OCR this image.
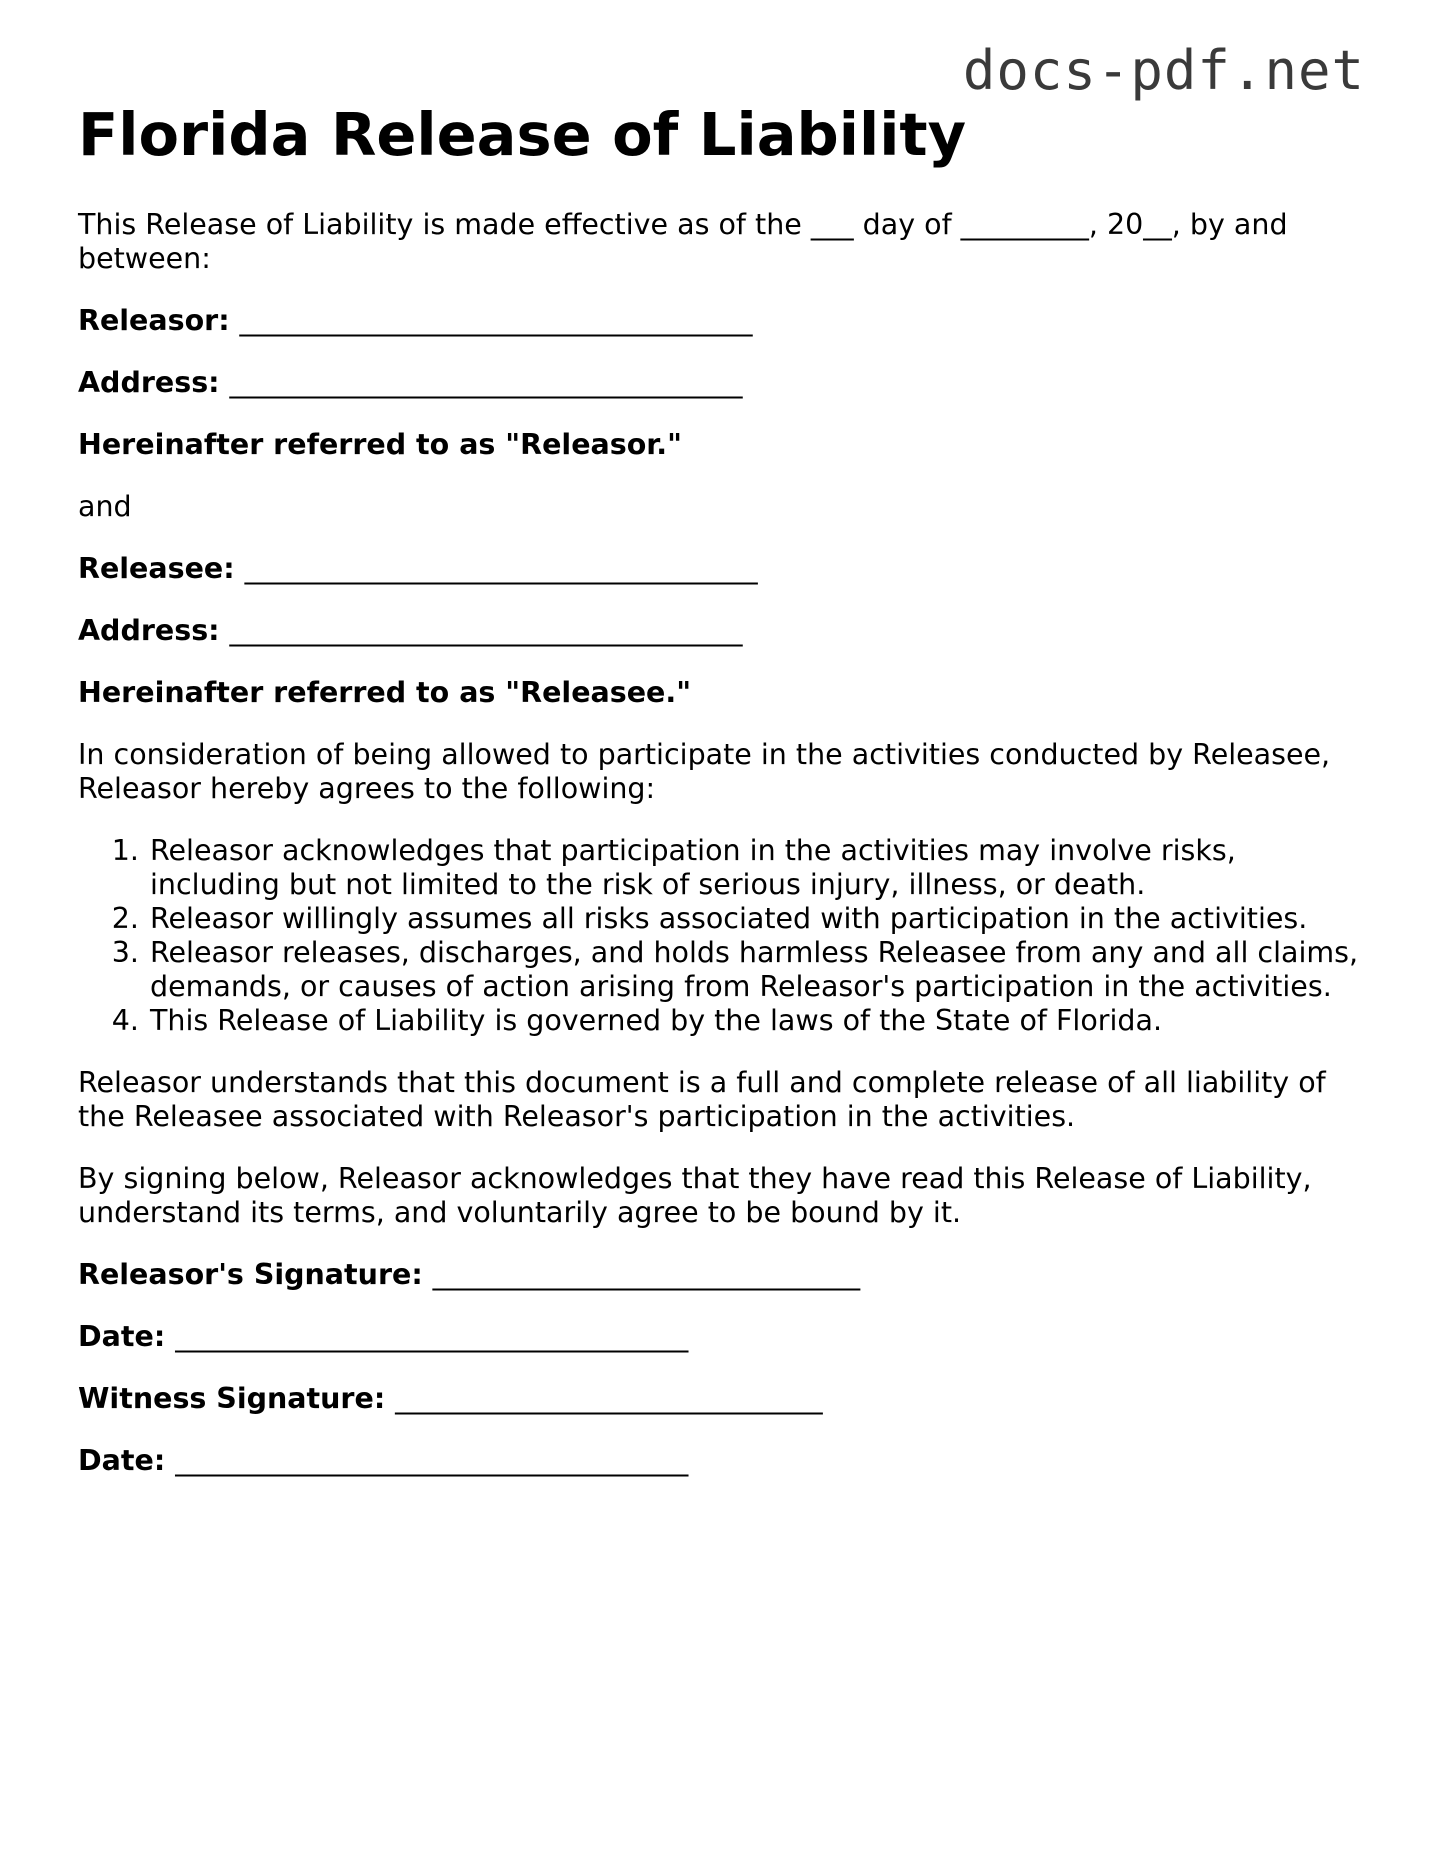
docs-pdf.net
Florida Release of Liability

This Release of Liability is made effective as of the ___ day of _________, 20__, by and between:

Releasor: ____________________________________

Address: ____________________________________

Hereinafter referred to as "Releasor."

and

Releasee: ____________________________________

Address: ____________________________________

Hereinafter referred to as "Releasee."

In consideration of being allowed to participate in the activities conducted by Releasee, Releasor hereby agrees to the following:

1. Releasor acknowledges that participation in the activities may involve risks, including but not limited to the risk of serious injury, illness, or death.
2. Releasor willingly assumes all risks associated with participation in the activities.
3. Releasor releases, discharges, and holds harmless Releasee from any and all claims, demands, or causes of action arising from Releasor's participation in the activities.
4. This Release of Liability is governed by the laws of the State of Florida.

Releasor understands that this document is a full and complete release of all liability of the Releasee associated with Releasor's participation in the activities.

By signing below, Releasor acknowledges that they have read this Release of Liability, understand its terms, and voluntarily agree to be bound by it.

Releasor's Signature: ______________________________

Date: ____________________________________

Witness Signature: ______________________________

Date: ____________________________________
